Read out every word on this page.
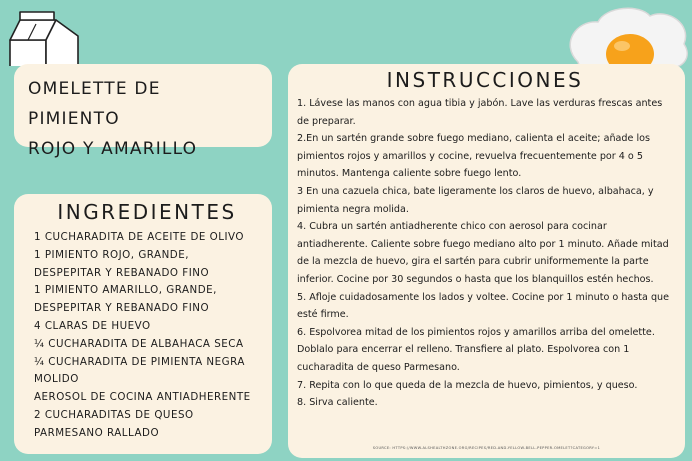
OMELETTE DE PIMIENTO
ROJO Y AMARILLO
INGREDIENTES
1 CUCHARADITA DE ACEITE DE OLIVO
1 PIMIENTO ROJO, GRANDE, DESPEPITAR Y REBANADO FINO
1 PIMIENTO AMARILLO, GRANDE, DESPEPITAR Y REBANADO FINO
4 CLARAS DE HUEVO
¼ CUCHARADITA DE ALBAHACA SECA
¼ CUCHARADITA DE PIMIENTA NEGRA MOLIDO
AEROSOL DE COCINA ANTIADHERENTE
2 CUCHARADITAS DE QUESO PARMESANO RALLADO
INSTRUCCIONES
1. Lávese las manos con agua tibia y jabón. Lave las verduras frescas antes de preparar.
2.En un sartén grande sobre fuego mediano, calienta el aceite; añade los pimientos rojos y amarillos y cocine, revuelva frecuentemente por 4 o 5 minutos. Mantenga caliente sobre fuego lento.
3 En una cazuela chica, bate ligeramente los claros de huevo, albahaca, y pimienta negra molida.
4. Cubra un sartén antiadherente chico con aerosol para cocinar antiadherente. Caliente sobre fuego mediano alto por 1 minuto. Añade mitad de la mezcla de huevo, gira el sartén para cubrir uniformemente la parte inferior. Cocine por 30 segundos o hasta que los blanquillos estén hechos.
5. Afloje cuidadosamente los lados y voltee. Cocine por 1 minuto o hasta que esté firme.
6. Espolvorea mitad de los pimientos rojos y amarillos arriba del omelette. Doblalo para encerrar el relleno. Transfiere al plato. Espolvorea con 1 cucharadita de queso Parmesano.
7. Repita con lo que queda de la mezcla de huevo, pimientos, y queso.
8. Sirva caliente.
SOURCE: HTTPS://WWW.ALSHEALTHZONE.ORG/RECIPES/RED-AND-YELLOW-BELL-PEPPER-OMELET?CATEGORY=1
